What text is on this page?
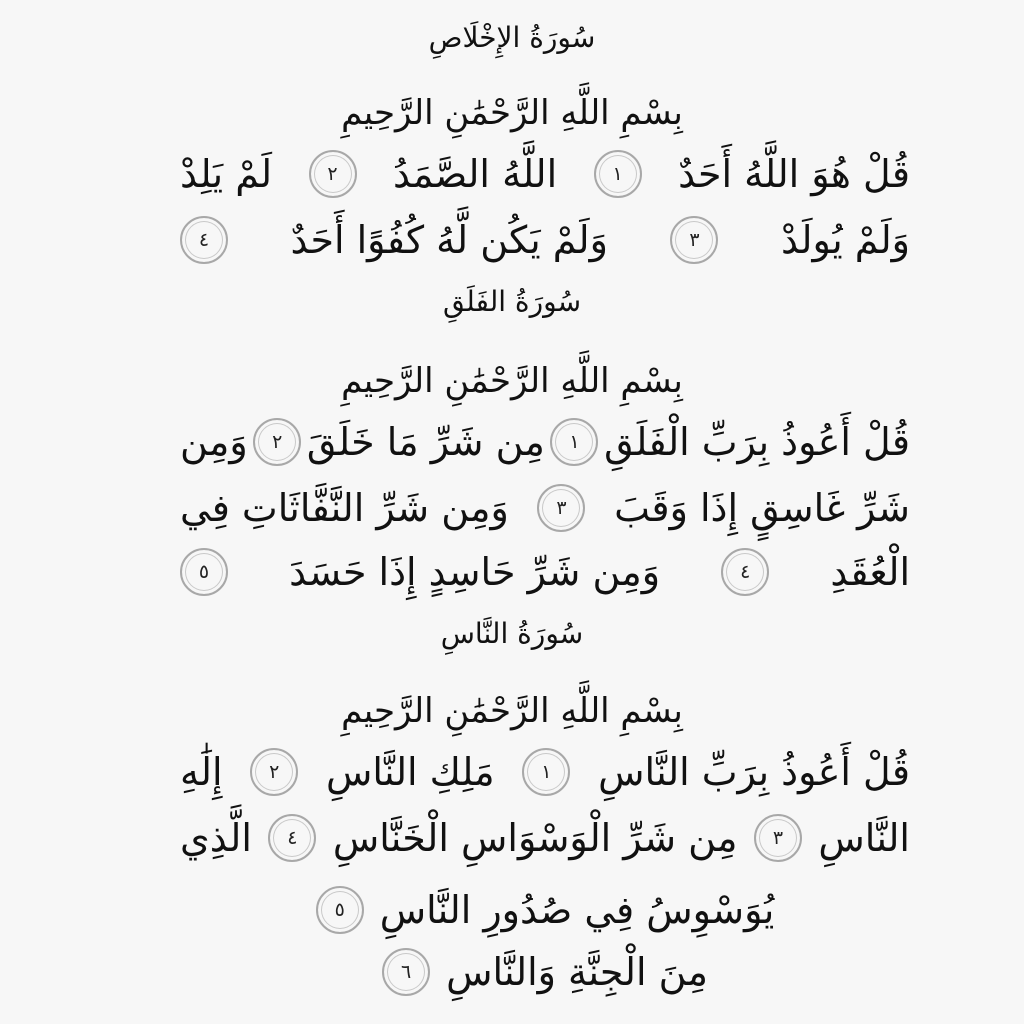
سُورَةُ الإِخْلَاصِ
بِسْمِ اللَّهِ الرَّحْمَٰنِ الرَّحِيمِ
قُلْ هُوَ اللَّهُ أَحَدٌ
١
اللَّهُ الصَّمَدُ
٢
لَمْ يَلِدْ
وَلَمْ يُولَدْ
٣
وَلَمْ يَكُن لَّهُ كُفُوًا أَحَدٌ
٤
سُورَةُ الفَلَقِ
بِسْمِ اللَّهِ الرَّحْمَٰنِ الرَّحِيمِ
قُلْ أَعُوذُ بِرَبِّ الْفَلَقِ
١
مِن شَرِّ مَا خَلَقَ
٢
وَمِن
شَرِّ غَاسِقٍ إِذَا وَقَبَ
٣
وَمِن شَرِّ النَّفَّاثَاتِ فِي
الْعُقَدِ
٤
وَمِن شَرِّ حَاسِدٍ إِذَا حَسَدَ
٥
سُورَةُ النَّاسِ
بِسْمِ اللَّهِ الرَّحْمَٰنِ الرَّحِيمِ
قُلْ أَعُوذُ بِرَبِّ النَّاسِ
١
مَلِكِ النَّاسِ
٢
إِلَٰهِ
النَّاسِ
٣
مِن شَرِّ الْوَسْوَاسِ الْخَنَّاسِ
٤
الَّذِي
يُوَسْوِسُ فِي صُدُورِ النَّاسِ
٥
مِنَ الْجِنَّةِ وَالنَّاسِ
٦
